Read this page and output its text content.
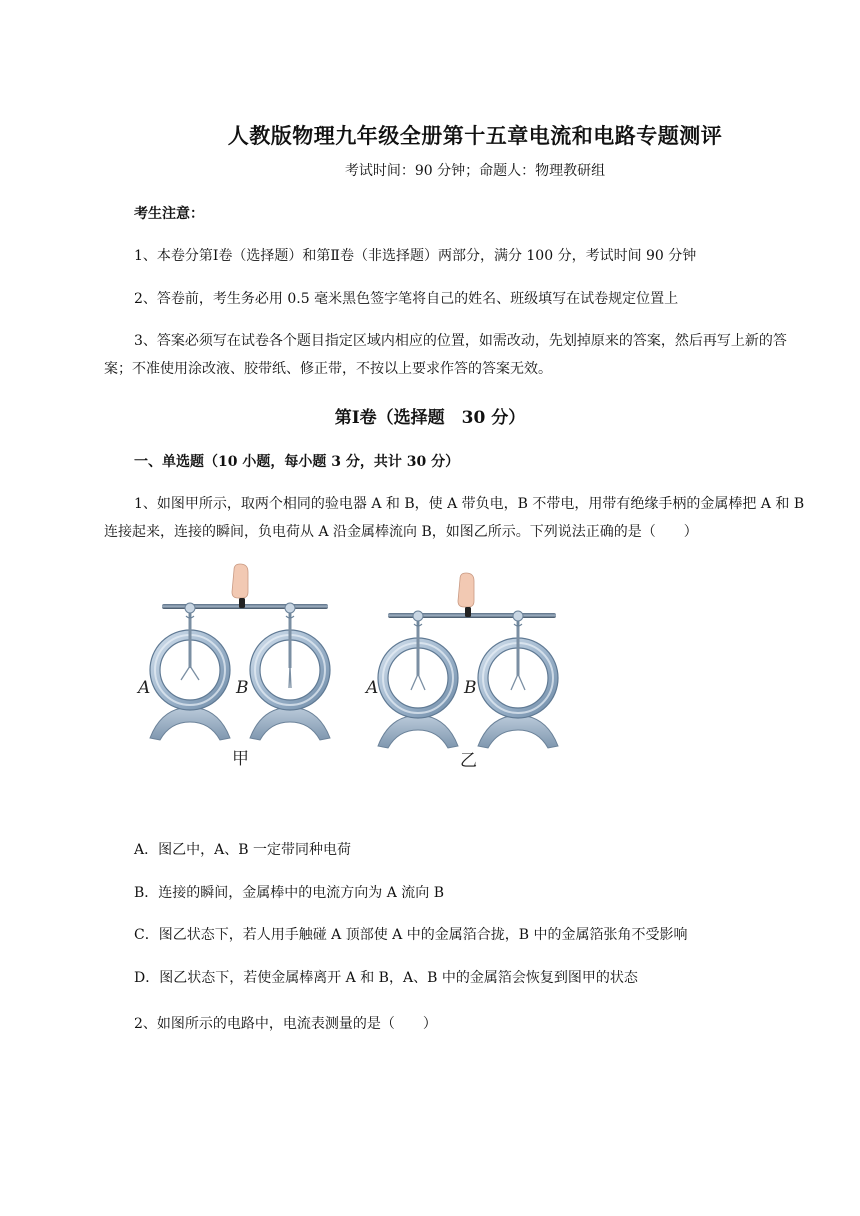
人教版物理九年级全册第十五章电流和电路专题测评
考试时间：90 分钟；命题人：物理教研组
考生注意：
1、本卷分第Ⅰ卷（选择题）和第Ⅱ卷（非选择题）两部分，满分 100 分，考试时间 90 分钟
2、答卷前，考生务必用 0.5 毫米黑色签字笔将自己的姓名、班级填写在试卷规定位置上
3、答案必须写在试卷各个题目指定区域内相应的位置，如需改动，先划掉原来的答案，然后再写上新的答案；不准使用涂改液、胶带纸、修正带，不按以上要求作答的答案无效。
第Ⅰ卷（选择题　30 分）
一、单选题（10 小题，每小题 3 分，共计 30 分）
1、如图甲所示，取两个相同的验电器 A 和 B，使 A 带负电，B 不带电，用带有绝缘手柄的金属棒把 A 和 B 连接起来，连接的瞬间，负电荷从 A 沿金属棒流向 B，如图乙所示。下列说法正确的是（　　）
A	B
甲
A	B
乙
A．图乙中，A、B 一定带同种电荷
B．连接的瞬间，金属棒中的电流方向为 A 流向 B
C．图乙状态下，若人用手触碰 A 顶部使 A 中的金属箔合拢，B 中的金属箔张角不受影响
D．图乙状态下，若使金属棒离开 A 和 B，A、B 中的金属箔会恢复到图甲的状态
2、如图所示的电路中，电流表测量的是（　　）
